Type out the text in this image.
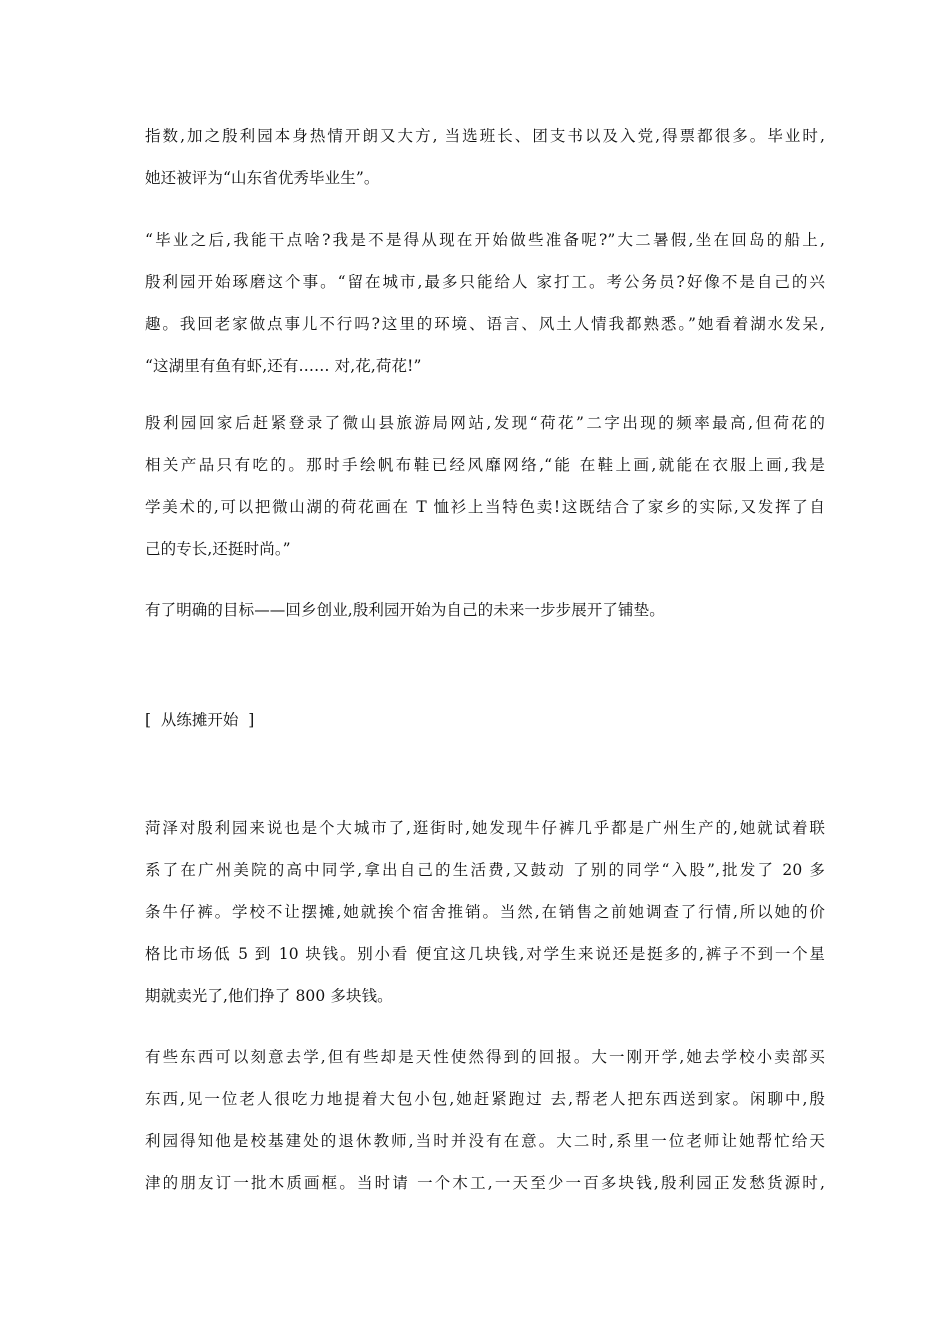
指数,加之殷利园本身热情开朗又大方, 当选班长、团支书以及入党,得票都很多。毕业时,
她还被评为“山东省优秀毕业生”。
“毕业之后,我能干点啥?我是不是得从现在开始做些准备呢?”大二暑假,坐在回岛的船上,
殷利园开始琢磨这个事。“留在城市,最多只能给人 家打工。考公务员?好像不是自己的兴
趣。我回老家做点事儿不行吗?这里的环境、语言、风土人情我都熟悉。”她看着湖水发呆,
“这湖里有鱼有虾,还有…… 对,花,荷花!”
殷利园回家后赶紧登录了微山县旅游局网站,发现“荷花”二字出现的频率最高,但荷花的
相关产品只有吃的。那时手绘帆布鞋已经风靡网络,“能 在鞋上画,就能在衣服上画,我是
学美术的,可以把微山湖的荷花画在 T 恤衫上当特色卖!这既结合了家乡的实际,又发挥了自
己的专长,还挺时尚。”
有了明确的目标——回乡创业,殷利园开始为自己的未来一步步展开了铺垫。
[  从练摊开始  ]
菏泽对殷利园来说也是个大城市了,逛街时,她发现牛仔裤几乎都是广州生产的,她就试着联
系了在广州美院的高中同学,拿出自己的生活费,又鼓动 了别的同学“入股”,批发了 20 多
条牛仔裤。学校不让摆摊,她就挨个宿舍推销。当然,在销售之前她调查了行情,所以她的价
格比市场低 5 到 10 块钱。别小看 便宜这几块钱,对学生来说还是挺多的,裤子不到一个星
期就卖光了,他们挣了 800 多块钱。
有些东西可以刻意去学,但有些却是天性使然得到的回报。大一刚开学,她去学校小卖部买
东西,见一位老人很吃力地提着大包小包,她赶紧跑过 去,帮老人把东西送到家。闲聊中,殷
利园得知他是校基建处的退休教师,当时并没有在意。大二时,系里一位老师让她帮忙给天
津的朋友订一批木质画框。当时请 一个木工,一天至少一百多块钱,殷利园正发愁货源时,
